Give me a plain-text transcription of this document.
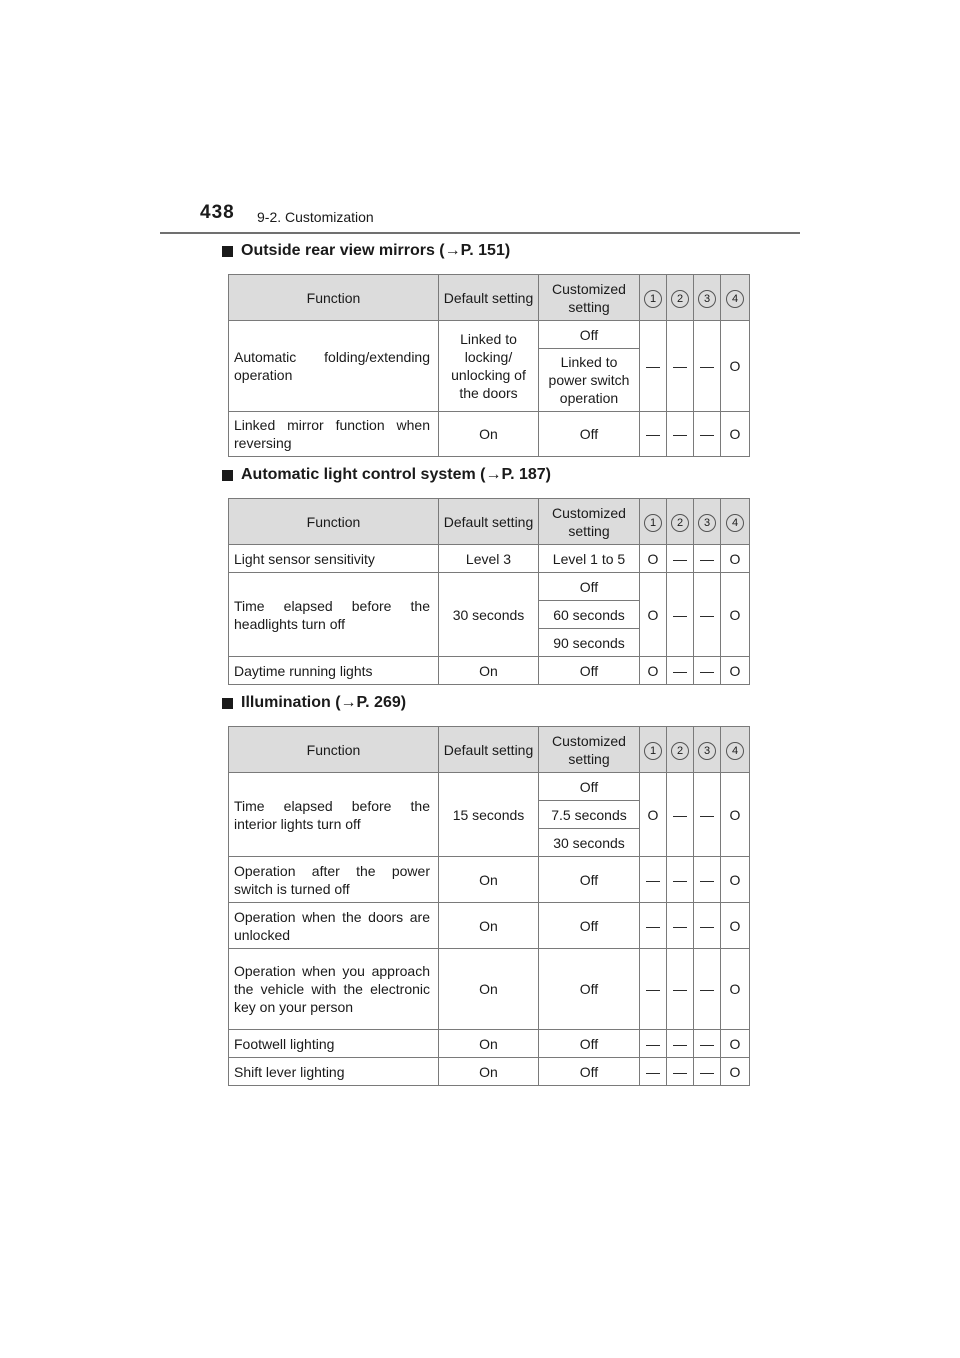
438 9-2. Customization
Outside rear view mirrors (→P. 151)
Function	Default setting	Customized setting	1	2	3	4
Automatic folding/extending operation	Linked to locking/ unlocking of the doors	Off	—	—	—	O
		Linked to power switch operation				
Linked mirror function when reversing	On	Off	—	—	—	O
Automatic light control system (→P. 187)
Function	Default setting	Customized setting	1	2	3	4
Light sensor sensitivity	Level 3	Level 1 to 5	O	—	—	O
Time elapsed before the headlights turn off	30 seconds	Off	O	—	—	O
		60 seconds				
		90 seconds				
Daytime running lights	On	Off	O	—	—	O
Illumination (→P. 269)
Function	Default setting	Customized setting	1	2	3	4
Time elapsed before the interior lights turn off	15 seconds	Off	O	—	—	O
		7.5 seconds				
		30 seconds				
Operation after the power switch is turned off	On	Off	—	—	—	O
Operation when the doors are unlocked	On	Off	—	—	—	O
Operation when you approach the vehicle with the electronic key on your person	On	Off	—	—	—	O
Footwell lighting	On	Off	—	—	—	O
Shift lever lighting	On	Off	—	—	—	O
